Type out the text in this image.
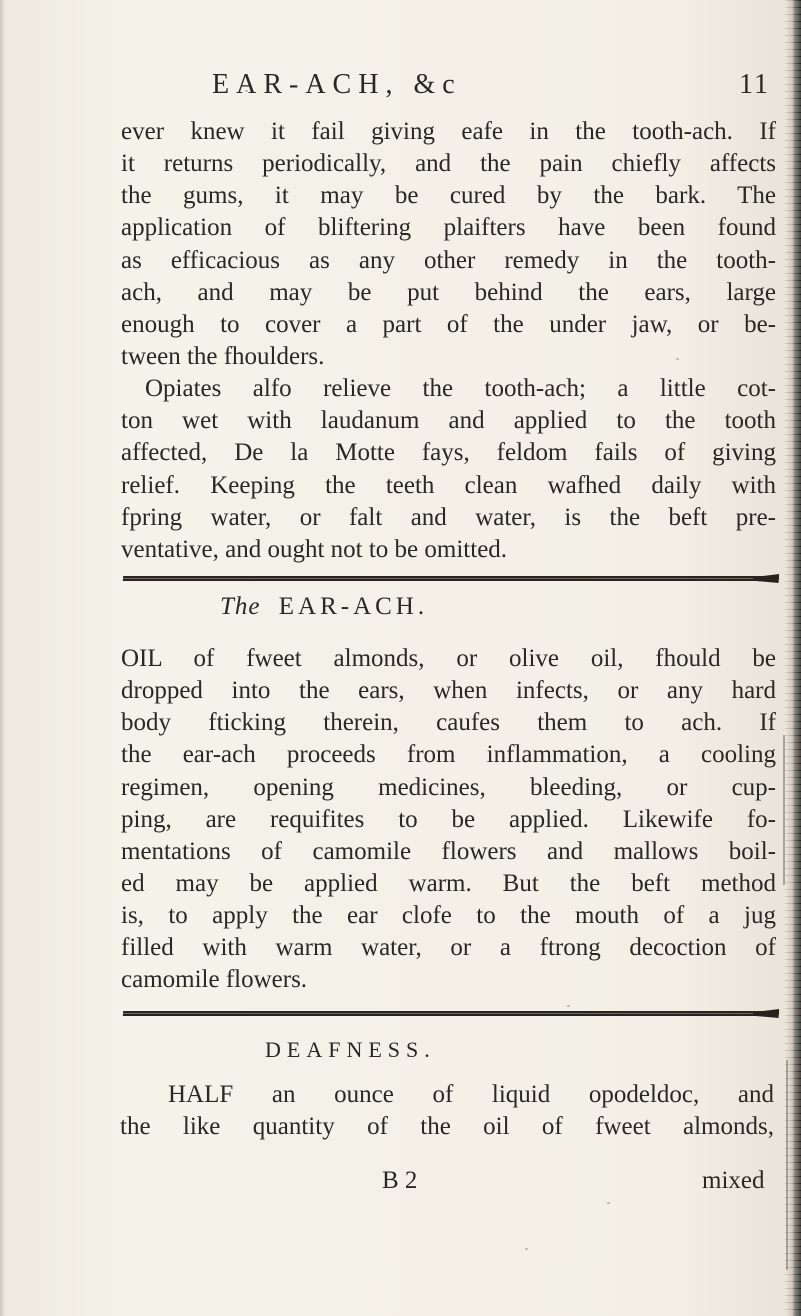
EAR-ACH, &c	11
ever knew it fail giving eafe in the tooth-ach. If
it returns periodically, and the pain chiefly affects
the gums, it may be cured by the bark. The
application of bliftering plaifters have been found
as efficacious as any other remedy in the tooth-
ach, and may be put behind the ears, large
enough to cover a part of the under jaw, or be-
tween the fhoulders.
Opiates alfo relieve the tooth-ach; a little cot-
ton wet with laudanum and applied to the tooth
affected, De la Motte fays, feldom fails of giving
relief. Keeping the teeth clean wafhed daily with
fpring water, or falt and water, is the beft pre-
ventative, and ought not to be omitted.
The EAR-ACH.
OIL of fweet almonds, or olive oil, fhould be
dropped into the ears, when infects, or any hard
body fticking therein, caufes them to ach. If
the ear-ach proceeds from inflammation, a cooling
regimen, opening medicines, bleeding, or cup-
ping, are requifites to be applied. Likewife fo-
mentations of camomile flowers and mallows boil-
ed may be applied warm. But the beft method
is, to apply the ear clofe to the mouth of a jug
filled with warm water, or a ftrong decoction of
camomile flowers.
DEAFNESS.
HALF an ounce of liquid opodeldoc, and
the like quantity of the oil of fweet almonds,
B 2	mixed
